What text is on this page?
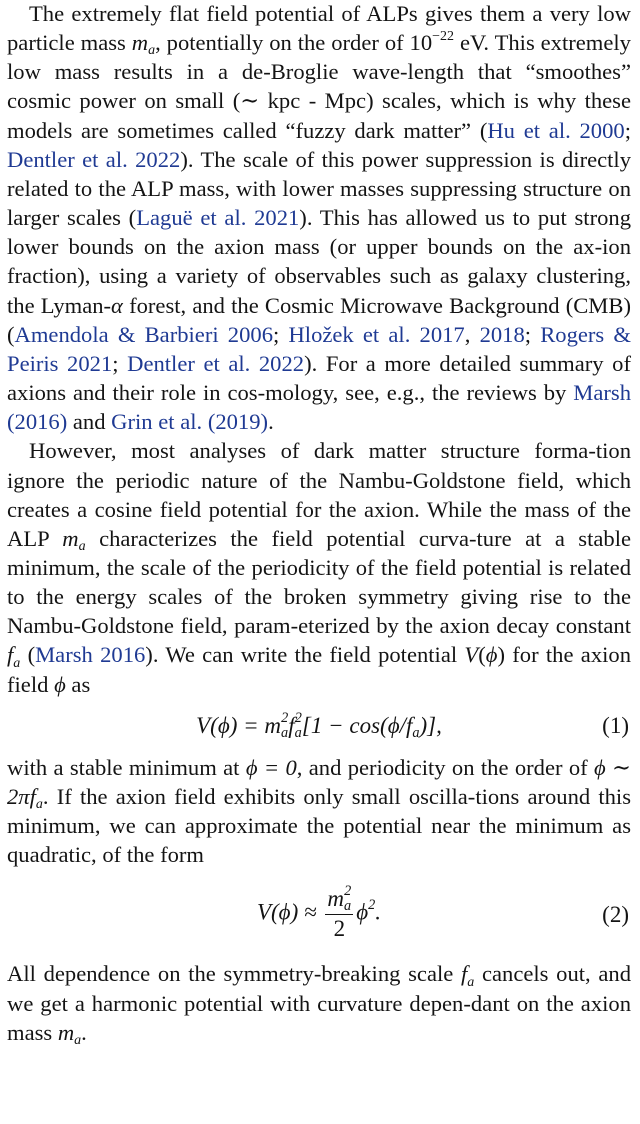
The extremely flat field potential of ALPs gives them a very low particle mass $m_a$, potentially on the order of $10^{-22}$ eV. This extremely low mass results in a de-Broglie wave-length that “smoothes” cosmic power on small (∼ kpc - Mpc) scales, which is why these models are sometimes called “fuzzy dark matter” (Hu et al. 2000; Dentler et al. 2022). The scale of this power suppression is directly related to the ALP mass, with lower masses suppressing structure on larger scales (Laguë et al. 2021). This has allowed us to put strong lower bounds on the axion mass (or upper bounds on the ax-ion fraction), using a variety of observables such as galaxy clustering, the Lyman-α forest, and the Cosmic Microwave Background (CMB) (Amendola & Barbieri 2006; Hložek et al. 2017, 2018; Rogers & Peiris 2021; Dentler et al. 2022). For a more detailed summary of axions and their role in cos-mology, see, e.g., the reviews by Marsh (2016) and Grin et al. (2019).

However, most analyses of dark matter structure forma-tion ignore the periodic nature of the Nambu-Goldstone field, which creates a cosine field potential for the axion. While the mass of the ALP $m_a$ characterizes the field potential curva-ture at a stable minimum, the scale of the periodicity of the field potential is related to the energy scales of the broken symmetry giving rise to the Nambu-Goldstone field, param-eterized by the axion decay constant $f_a$ (Marsh 2016). We can write the field potential V(ϕ) for the axion field ϕ as

$V(\phi) = m_a^2f_a^2[1 - \cos(\phi/f_a)]$,	(1)

with a stable minimum at ϕ = 0, and periodicity on the order of ϕ ∼ $2\pi f_a$. If the axion field exhibits only small oscilla-tions around this minimum, we can approximate the potential near the minimum as quadratic, of the form

$V(\phi) \approx \frac{m_a^2}{2} \phi^2$.	(2)

All dependence on the symmetry-breaking scale $f_a$ cancels out, and we get a harmonic potential with curvature depen-dant on the axion mass $m_a$.
